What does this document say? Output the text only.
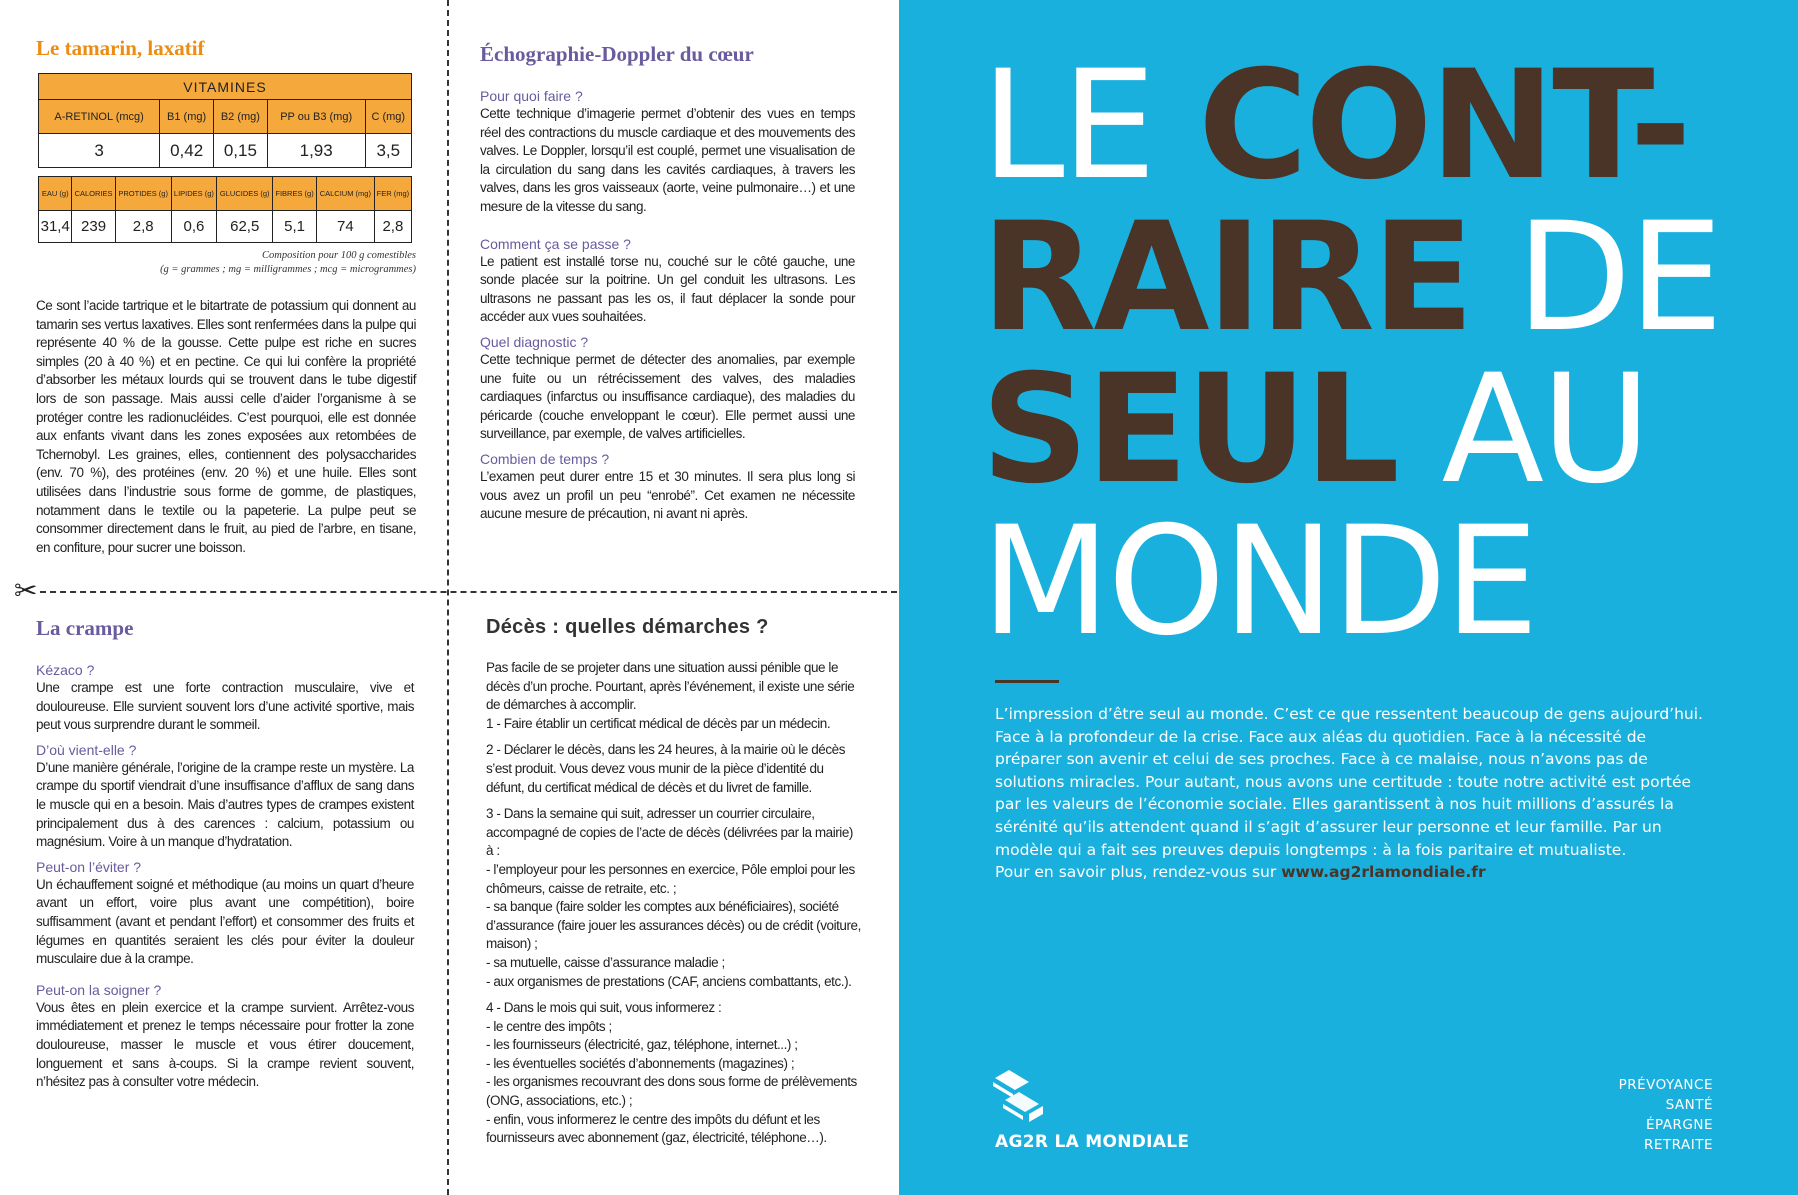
✂
Le tamarin, laxatif
VITAMINES				
A-RETINOL (mcg)	B1 (mg)	B2 (mg)	PP ou B3 (mg)	C (mg)
3	0,42	0,15	1,93	3,5
EAU (g)	CALORIES	PROTIDES (g)	LIPIDES (g)	GLUCIDES (g)	FIBRES (g)	CALCIUM (mg)	FER (mg)
31,4	239	2,8	0,6	62,5	5,1	74	2,8
Composition pour 100 g comestibles
(g = grammes ; mg = milligrammes ; mcg = microgrammes)

Ce sont l’acide tartrique et le bitartrate de potassium qui donnent au tamarin ses vertus laxatives. Elles sont renfermées dans la pulpe qui représente 40 % de la gousse. Cette pulpe est riche en sucres simples (20 à 40 %) et en pectine. Ce qui lui confère la propriété d’absorber les métaux lourds qui se trouvent dans le tube digestif lors de son passage. Mais aussi celle d’aider l’organisme à se protéger contre les radionucléides. C’est pourquoi, elle est donnée aux enfants vivant dans les zones exposées aux retombées de Tchernobyl. Les graines, elles, contiennent des polysaccharides (env. 70 %), des protéines (env. 20 %) et une huile. Elles sont utilisées dans l’industrie sous forme de gomme, de plastiques, notamment dans le textile ou la papeterie. La pulpe peut se consommer directement dans le fruit, au pied de l’arbre, en tisane, en confiture, pour sucrer une boisson.

Échographie-Doppler du cœur
Pour quoi faire ?

Cette technique d’imagerie permet d’obtenir des vues en temps réel des contractions du muscle cardiaque et des mouvements des valves. Le Doppler, lorsqu’il est couplé, permet une visualisation de la circulation du sang dans les cavités cardiaques, à travers les valves, dans les gros vaisseaux (aorte, veine pulmonaire…) et une mesure de la vitesse du sang.

Comment ça se passe ?

Le patient est installé torse nu, couché sur le côté gauche, une sonde placée sur la poitrine. Un gel conduit les ultrasons. Les ultrasons ne passant pas les os, il faut déplacer la sonde pour accéder aux vues souhaitées.

Quel diagnostic ?

Cette technique permet de détecter des anomalies, par exemple une fuite ou un rétrécissement des valves, des maladies cardiaques (infarctus ou insuffisance cardiaque), des maladies du péricarde (couche enveloppant le cœur). Elle permet aussi une surveillance, par exemple, de valves artificielles.

Combien de temps ?

L’examen peut durer entre 15 et 30 minutes. Il sera plus long si vous avez un profil un peu “enrobé”. Cet examen ne nécessite aucune mesure de précaution, ni avant ni après.

La crampe
Kézaco ?

Une crampe est une forte contraction musculaire, vive et douloureuse. Elle survient souvent lors d’une activité sportive, mais peut vous surprendre durant le sommeil.

D’où vient-elle ?

D’une manière générale, l’origine de la crampe reste un mystère. La crampe du sportif viendrait d’une insuffisance d’afflux de sang dans le muscle qui en a besoin. Mais d’autres types de crampes existent principalement dus à des carences : calcium, potassium ou magnésium. Voire à un manque d’hydratation.

Peut-on l’éviter ?

Un échauffement soigné et méthodique (au moins un quart d’heure avant un effort, voire plus avant une compétition), boire suffisamment (avant et pendant l’effort) et consommer des fruits et légumes en quantités seraient les clés pour éviter la douleur musculaire due à la crampe.

Peut-on la soigner ?

Vous êtes en plein exercice et la crampe survient. Arrêtez-vous immédiatement et prenez le temps nécessaire pour frotter la zone douloureuse, masser le muscle et vous étirer doucement, longuement et sans à-coups. Si la crampe revient souvent, n’hésitez pas à consulter votre médecin.

Décès : quelles démarches ?

Pas facile de se projeter dans une situation aussi pénible que le décès d’un proche. Pourtant, après l’événement, il existe une série de démarches à accomplir.
1 - Faire établir un certificat médical de décès par un médecin.

2 - Déclarer le décès, dans les 24 heures, à la mairie où le décès s’est produit. Vous devez vous munir de la pièce d’identité du défunt, du certificat médical de décès et du livret de famille.

3 - Dans la semaine qui suit, adresser un courrier circulaire, accompagné de copies de l’acte de décès (délivrées par la mairie) à :
- l’employeur pour les personnes en exercice, Pôle emploi pour les chômeurs, caisse de retraite, etc. ;
- sa banque (faire solder les comptes aux bénéficiaires), société d’assurance (faire jouer les assurances décès) ou de crédit (voiture, maison) ;
- sa mutuelle, caisse d’assurance maladie ;
- aux organismes de prestations (CAF, anciens combattants, etc.).

4 - Dans le mois qui suit, vous informerez :
- le centre des impôts ;
- les fournisseurs (électricité, gaz, téléphone, internet...) ;
- les éventuelles sociétés d’abonnements (magazines) ;
- les organismes recouvrant des dons sous forme de prélèvements (ONG, associations, etc.) ;
- enfin, vous informerez le centre des impôts du défunt et les fournisseurs avec abonnement (gaz, électricité, téléphone…).

LE CONT-
RAIRE DE
SEUL AU
MONDE
L’impression d’être seul au monde. C’est ce que ressentent beaucoup de gens aujourd’hui. Face à la profondeur de la crise. Face aux aléas du quotidien. Face à la nécessité de préparer son avenir et celui de ses proches. Face à ce malaise, nous n’avons pas de solutions miracles. Pour autant, nous avons une certitude : toute notre activité est portée par les valeurs de l’économie sociale. Elles garantissent à nos huit millions d’assurés la sérénité qu’ils attendent quand il s’agit d’assurer leur personne et leur famille. Par un modèle qui a fait ses preuves depuis longtemps : à la fois paritaire et mutualiste.
Pour en savoir plus, rendez-vous sur www.ag2rlamondiale.fr
AG2R LA MONDIALE
PRÉVOYANCE
SANTÉ
ÉPARGNE
RETRAITE
